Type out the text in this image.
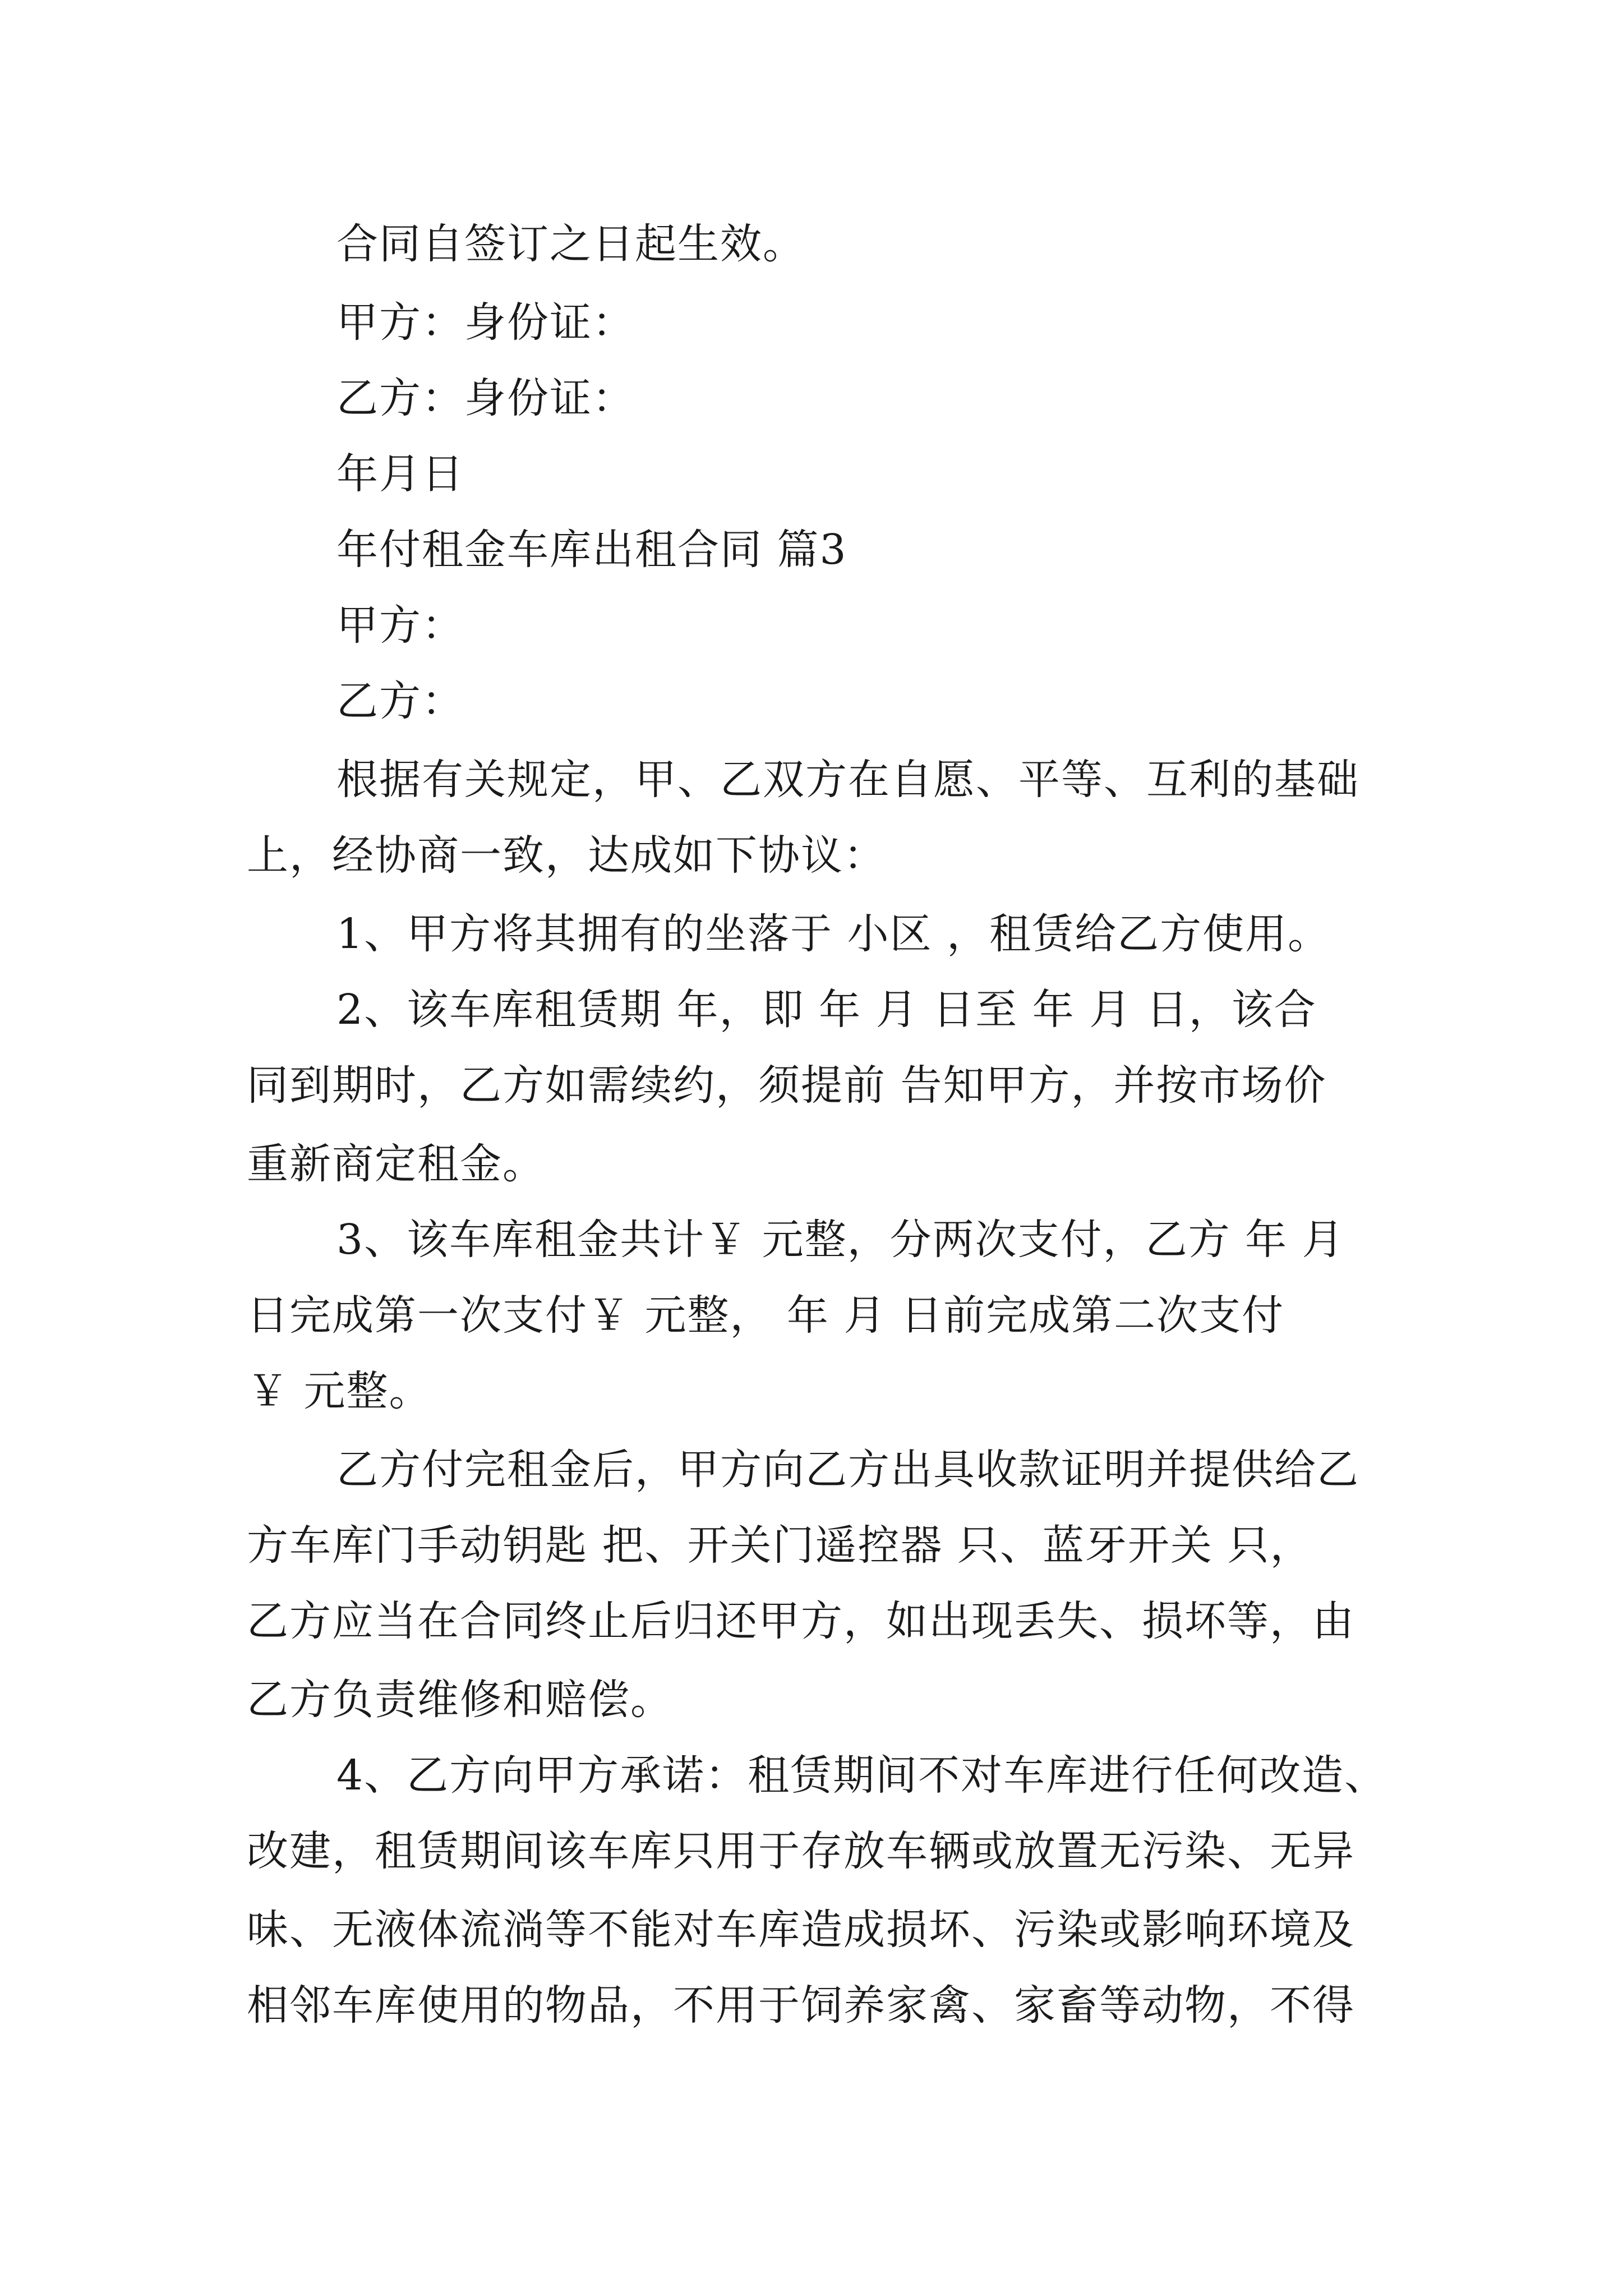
合同自签订之日起生效。
甲方：身份证：
乙方：身份证：
年月日
年付租金车库出租合同 篇3
甲方：
乙方：
根据有关规定，甲、乙双方在自愿、平等、互利的基础
上，经协商一致，达成如下协议：
1、甲方将其拥有的坐落于 小区 ，租赁给乙方使用。
2、该车库租赁期 年，即 年 月 日至 年 月 日，该合
同到期时，乙方如需续约，须提前 告知甲方，并按市场价
重新商定租金。
3、该车库租金共计￥ 元整，分两次支付，乙方 年 月
日完成第一次支付￥ 元整， 年 月 日前完成第二次支付
￥ 元整。
乙方付完租金后，甲方向乙方出具收款证明并提供给乙
方车库门手动钥匙 把、开关门遥控器 只、蓝牙开关 只，
乙方应当在合同终止后归还甲方，如出现丢失、损坏等，由
乙方负责维修和赔偿。
4、乙方向甲方承诺：租赁期间不对车库进行任何改造、
改建，租赁期间该车库只用于存放车辆或放置无污染、无异
味、无液体流淌等不能对车库造成损坏、污染或影响环境及
相邻车库使用的物品，不用于饲养家禽、家畜等动物，不得
